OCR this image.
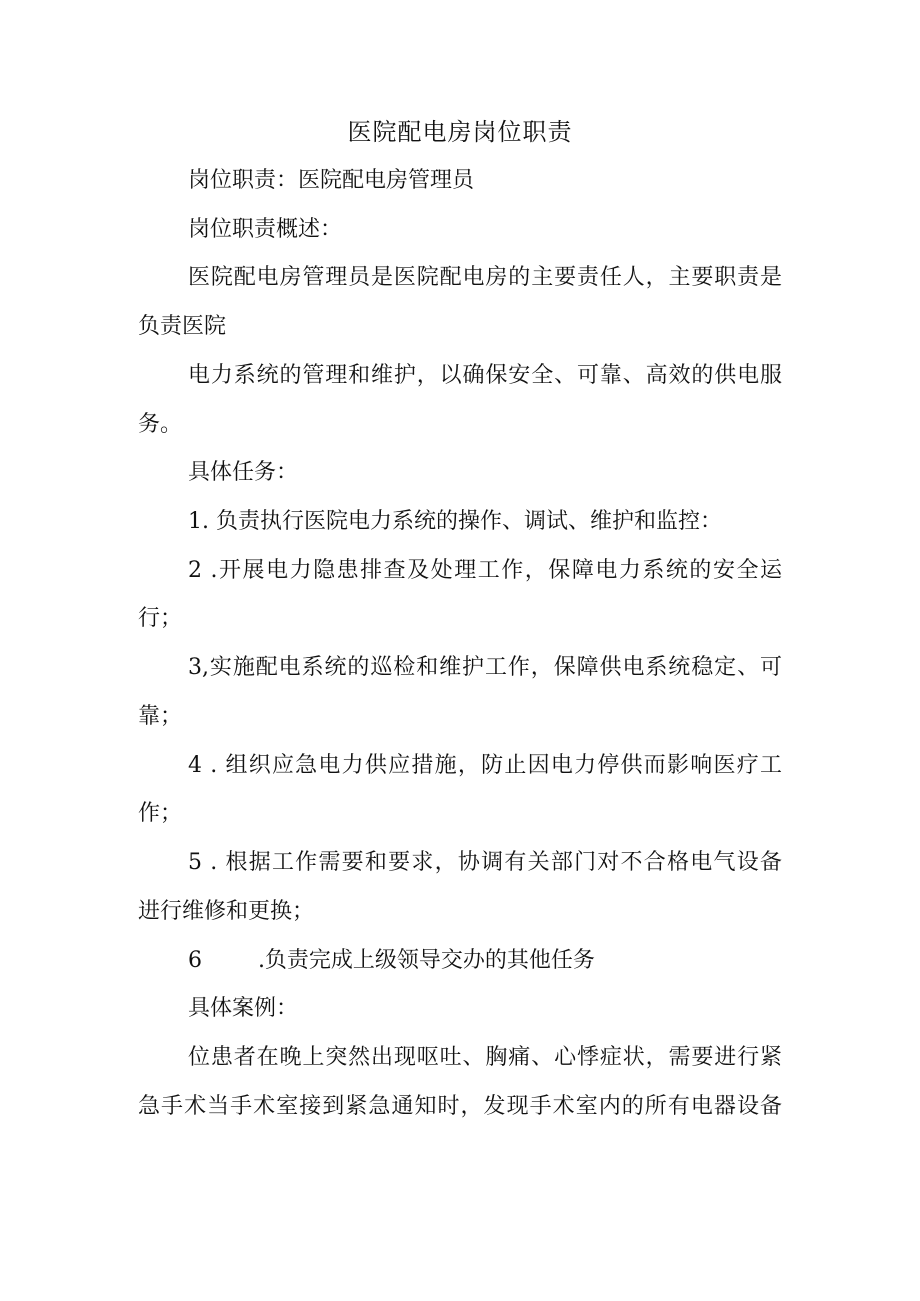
医院配电房岗位职责
岗位职责：医院配电房管理员
岗位职责概述：
医院配电房管理员是医院配电房的主要责任人，主要职责是
负责医院
电力系统的管理和维护，以确保安全、可靠、高效的供电服
务。
具体任务：
1. 负责执行医院电力系统的操作、调试、维护和监控：
2 .开展电力隐患排查及处理工作，保障电力系统的安全运
行；
3,实施配电系统的巡检和维护工作，保障供电系统稳定、可
靠；
4 . 组织应急电力供应措施，防止因电力停供而影响医疗工
作；
5 . 根据工作需要和要求，协调有关部门对不合格电气设备
进行维修和更换；
6        .负责完成上级领导交办的其他任务
具体案例：
位患者在晚上突然出现呕吐、胸痛、心悸症状，需要进行紧
急手术当手术室接到紧急通知时，发现手术室内的所有电器设备
